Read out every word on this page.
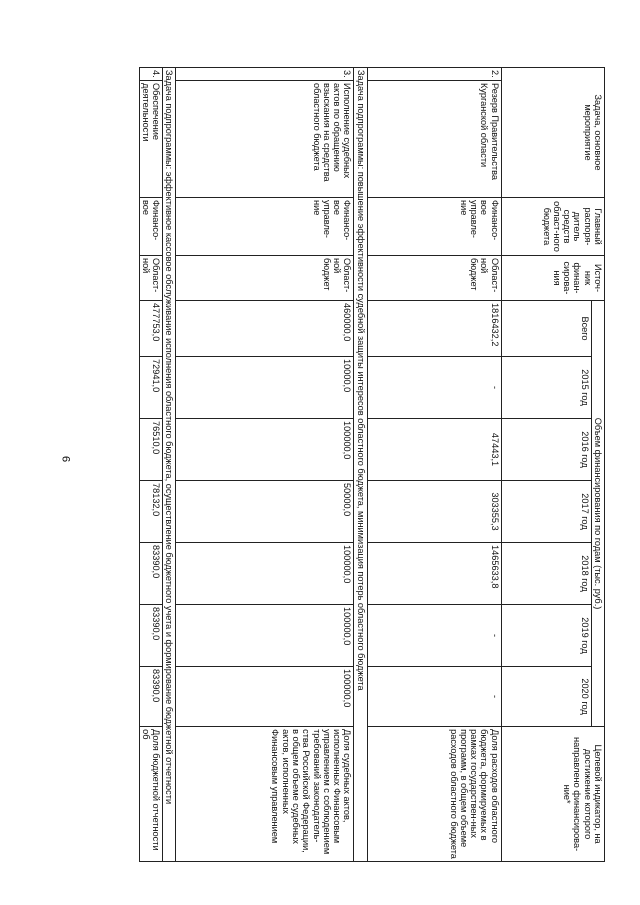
9
Задача, основное мероприятие		Главный распоря-дитель средств област-ного бюджета	Источ-ник финан-сирова-ния	Объем финансирования по годам (тыс. руб.)							Целевой индикатор, на достижение которого направлено финансирова-ние*
				Всего	2015 год	2016 год	2017 год	2018 год	2019 год	2020 год	
2.	Резерв Правительства Курганской области	Финансо-вое управле-ние	Област-ной бюджет	1816432,2	-	47443,1	303355,3	1465633,8	-	-	Доля расходов областного бюджета, формируемых в рамках государствен-ных программ, в общем объеме расходов областного бюджета
Задача подпрограммы: повышение эффективности судебной защиты интересов областного бюджета, минимизация потерь областного бюджета											
3.	Исполнение судебных актов по обращению взыскания на средства областного бюджета	Финансо-вое управле-ние	Област-ной бюджет	460000,0	10000,0	100000,0	50000,0	100000,0	100000,0	100000,0	Доля судебных актов, исполненных Финансовым управлением с соблюдением требований законодатель-ства Российской Федерации, в общем объеме судебных актов, исполненных Финансовым управлением
Задача подпрограммы: эффективное кассовое обслуживание исполнения областного бюджета, осуществление бюджетного учета и формирование бюджетной отчетности											
4.	Обеспечение деятельности	Финансо-вое	Област-ной	477753,0	72941,0	76510,0	78132,0	83390,0	83390,0	83390,0	Доля бюджетной отчетности об
